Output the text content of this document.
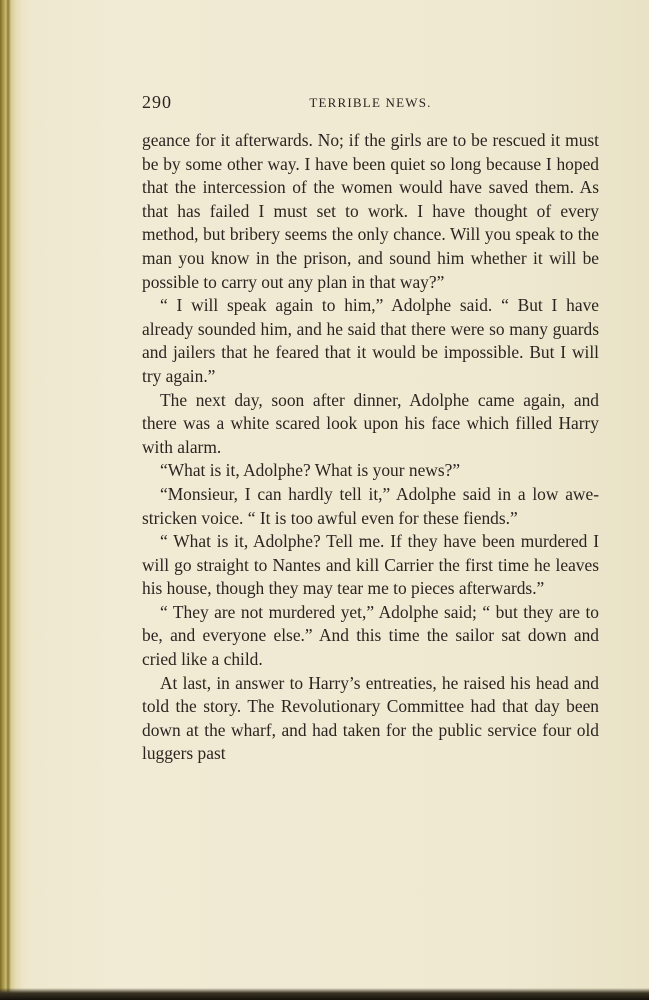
290	TERRIBLE NEWS.

geance for it afterwards. No; if the girls are to be rescued it must be by some other way. I have been quiet so long because I hoped that the intercession of the women would have saved them. As that has failed I must set to work. I have thought of every method, but bribery seems the only chance. Will you speak to the man you know in the prison, and sound him whether it will be possible to carry out any plan in that way?”

“ I will speak again to him,” Adolphe said. “ But I have already sounded him, and he said that there were so many guards and jailers that he feared that it would be impossible. But I will try again.”

The next day, soon after dinner, Adolphe came again, and there was a white scared look upon his face which filled Harry with alarm.

“What is it, Adolphe? What is your news?”

“Monsieur, I can hardly tell it,” Adolphe said in a low awe-stricken voice. “ It is too awful even for these fiends.”

“ What is it, Adolphe? Tell me. If they have been murdered I will go straight to Nantes and kill Carrier the first time he leaves his house, though they may tear me to pieces afterwards.”

“ They are not murdered yet,” Adolphe said; “ but they are to be, and everyone else.” And this time the sailor sat down and cried like a child.

At last, in answer to Harry’s entreaties, he raised his head and told the story. The Revolutionary Committee had that day been down at the wharf, and had taken for the public service four old luggers past
